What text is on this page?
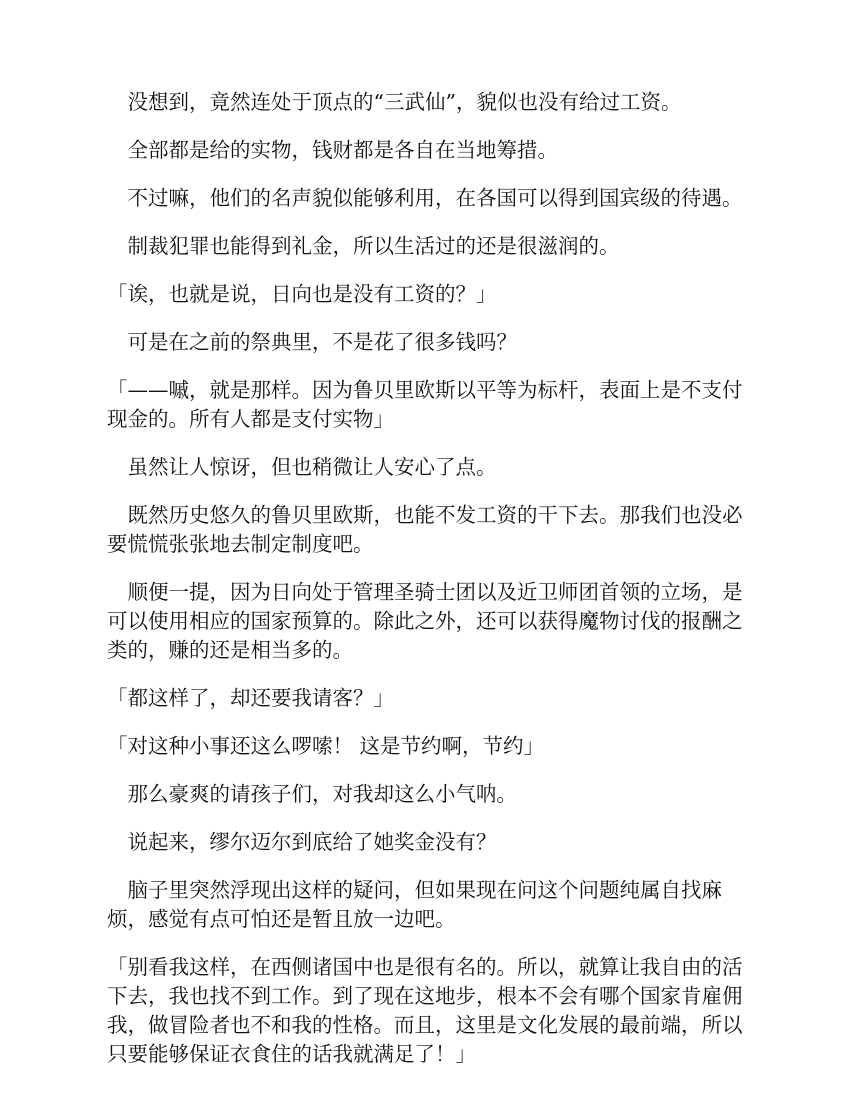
没想到，竟然连处于顶点的“三武仙”，貌似也没有给过工资。

全部都是给的实物，钱财都是各自在当地筹措。

不过嘛，他们的名声貌似能够利用，在各国可以得到国宾级的待遇。

制裁犯罪也能得到礼金，所以生活过的还是很滋润的。

「诶，也就是说，日向也是没有工资的？」

可是在之前的祭典里，不是花了很多钱吗？

「——嘁，就是那样。因为鲁贝里欧斯以平等为标杆，表面上是不支付现金的。所有人都是支付实物」

虽然让人惊讶，但也稍微让人安心了点。

既然历史悠久的鲁贝里欧斯，也能不发工资的干下去。那我们也没必要慌慌张张地去制定制度吧。

顺便一提，因为日向处于管理圣骑士团以及近卫师团首领的立场，是可以使用相应的国家预算的。除此之外，还可以获得魔物讨伐的报酬之类的，赚的还是相当多的。

「都这样了，却还要我请客？」

「对这种小事还这么啰嗦！ 这是节约啊，节约」

那么豪爽的请孩子们，对我却这么小气呐。

说起来，缪尔迈尔到底给了她奖金没有？

脑子里突然浮现出这样的疑问，但如果现在问这个问题纯属自找麻烦，感觉有点可怕还是暂且放一边吧。

「别看我这样，在西侧诸国中也是很有名的。所以，就算让我自由的活下去，我也找不到工作。到了现在这地步，根本不会有哪个国家肯雇佣我，做冒险者也不和我的性格。而且，这里是文化发展的最前端，所以只要能够保证衣食住的话我就满足了！」
